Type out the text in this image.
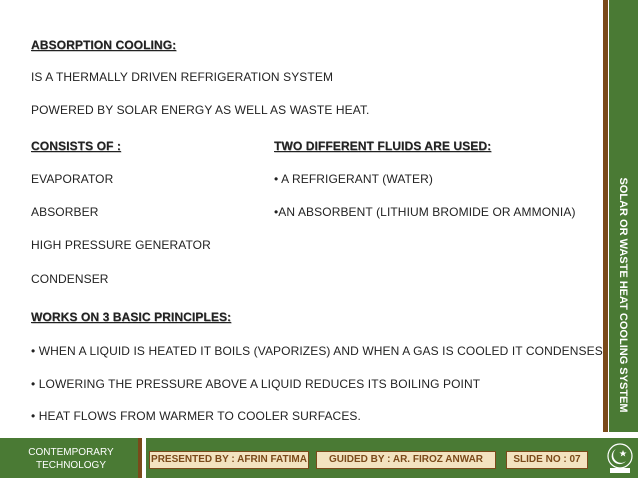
ABSORPTION COOLING:
IS A THERMALLY DRIVEN REFRIGERATION SYSTEM
POWERED BY SOLAR ENERGY AS WELL AS WASTE HEAT.
CONSISTS OF :
EVAPORATOR
ABSORBER
HIGH PRESSURE GENERATOR
CONDENSER
TWO DIFFERENT FLUIDS ARE USED:
• A REFRIGERANT (WATER)
•AN ABSORBENT (LITHIUM BROMIDE OR AMMONIA)
WORKS ON 3 BASIC PRINCIPLES:
• WHEN A LIQUID IS HEATED IT BOILS (VAPORIZES) AND WHEN A GAS IS COOLED IT CONDENSES
• LOWERING THE PRESSURE ABOVE A LIQUID REDUCES ITS BOILING POINT
• HEAT FLOWS FROM WARMER TO COOLER SURFACES.
SOLAR OR WASTE HEAT COOLING SYSTEM
CONTEMPORARY
TECHNOLOGY
PRESENTED BY : AFRIN FATIMA	GUIDED BY : AR. FIROZ ANWAR	SLIDE NO : 07
